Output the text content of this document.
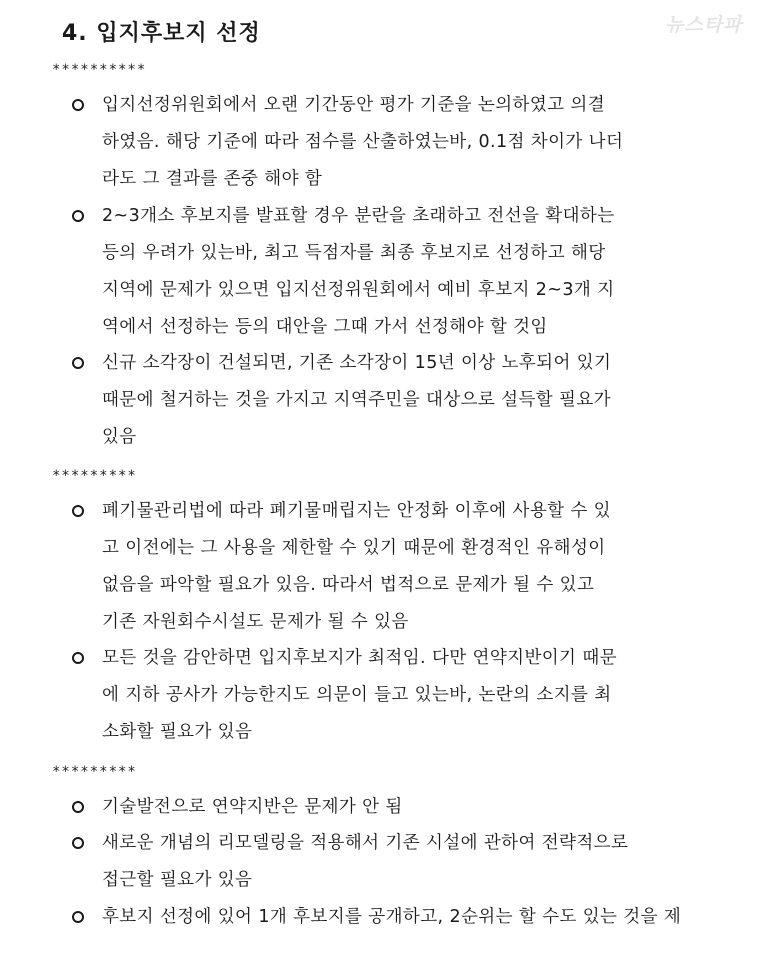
4. 입지후보지 선정	뉴스타파
**********
입지선정위원회에서 오랜 기간동안 평가 기준을 논의하였고 의결
하였음. 해당 기준에 따라 점수를 산출하였는바, 0.1점 차이가 나더
라도 그 결과를 존중 해야 함
2~3개소 후보지를 발표할 경우 분란을 초래하고 전선을 확대하는
등의 우려가 있는바, 최고 득점자를 최종 후보지로 선정하고 해당
지역에 문제가 있으면 입지선정위원회에서 예비 후보지 2~3개 지
역에서 선정하는 등의 대안을 그때 가서 선정해야 할 것임
신규 소각장이 건설되면, 기존 소각장이 15년 이상 노후되어 있기
때문에 철거하는 것을 가지고 지역주민을 대상으로 설득할 필요가
있음
*********
폐기물관리법에 따라 폐기물매립지는 안정화 이후에 사용할 수 있
고 이전에는 그 사용을 제한할 수 있기 때문에 환경적인 유해성이
없음을 파악할 필요가 있음. 따라서 법적으로 문제가 될 수 있고
기존 자원회수시설도 문제가 될 수 있음
모든 것을 감안하면 입지후보지가 최적임. 다만 연약지반이기 때문
에 지하 공사가 가능한지도 의문이 들고 있는바, 논란의 소지를 최
소화할 필요가 있음
*********
기술발전으로 연약지반은 문제가 안 됨
새로운 개념의 리모델링을 적용해서 기존 시설에 관하여 전략적으로
접근할 필요가 있음
후보지 선정에 있어 1개 후보지를 공개하고, 2순위는 할 수도 있는 것을 제
